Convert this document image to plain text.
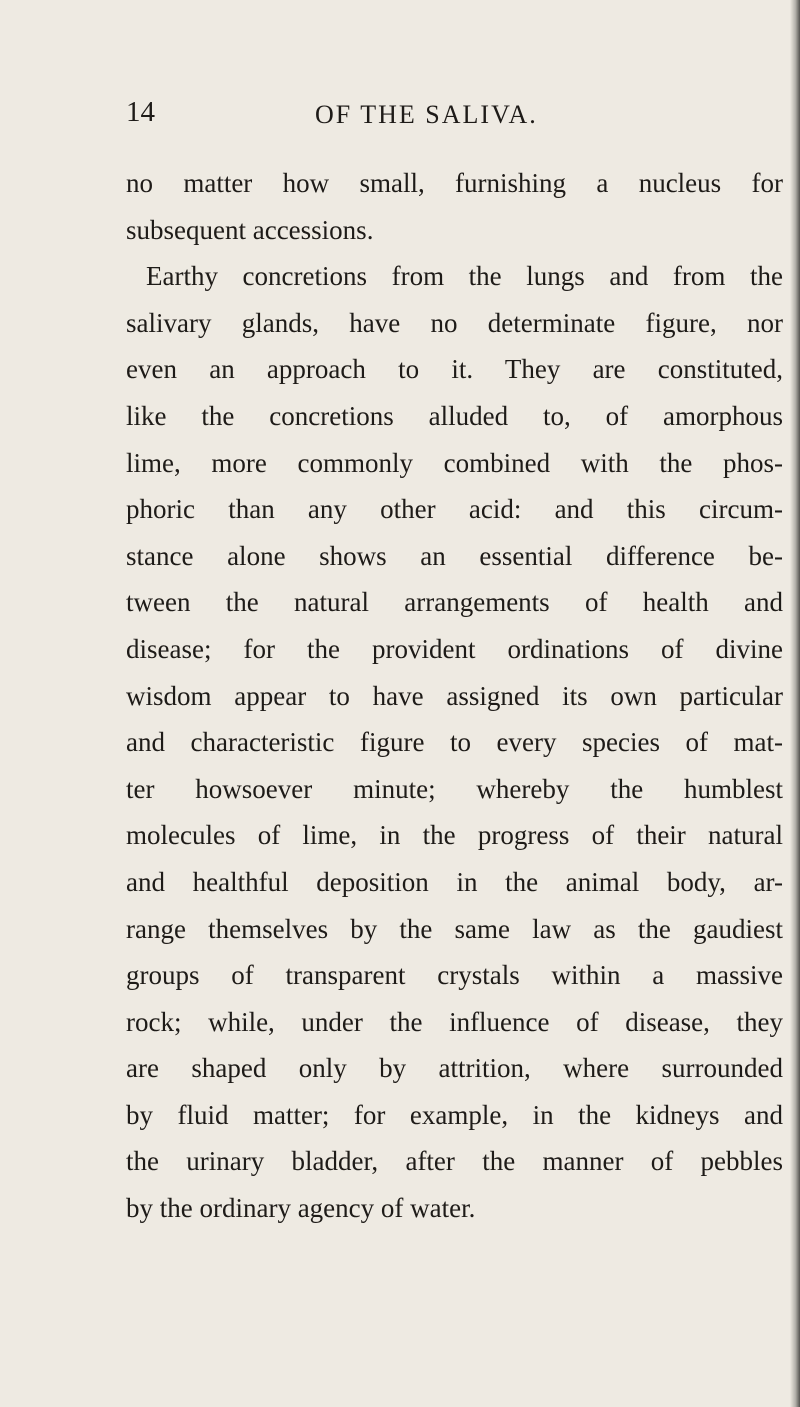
14	OF THE SALIVA.
no matter how small, furnishing a nucleus for
subsequent accessions.
Earthy concretions from the lungs and from the
salivary glands, have no determinate figure, nor
even an approach to it. They are constituted,
like the concretions alluded to, of amorphous
lime, more commonly combined with the phos-
phoric than any other acid: and this circum-
stance alone shows an essential difference be-
tween the natural arrangements of health and
disease; for the provident ordinations of divine
wisdom appear to have assigned its own particular
and characteristic figure to every species of mat-
ter howsoever minute; whereby the humblest
molecules of lime, in the progress of their natural
and healthful deposition in the animal body, ar-
range themselves by the same law as the gaudiest
groups of transparent crystals within a massive
rock; while, under the influence of disease, they
are shaped only by attrition, where surrounded
by fluid matter; for example, in the kidneys and
the urinary bladder, after the manner of pebbles
by the ordinary agency of water.
